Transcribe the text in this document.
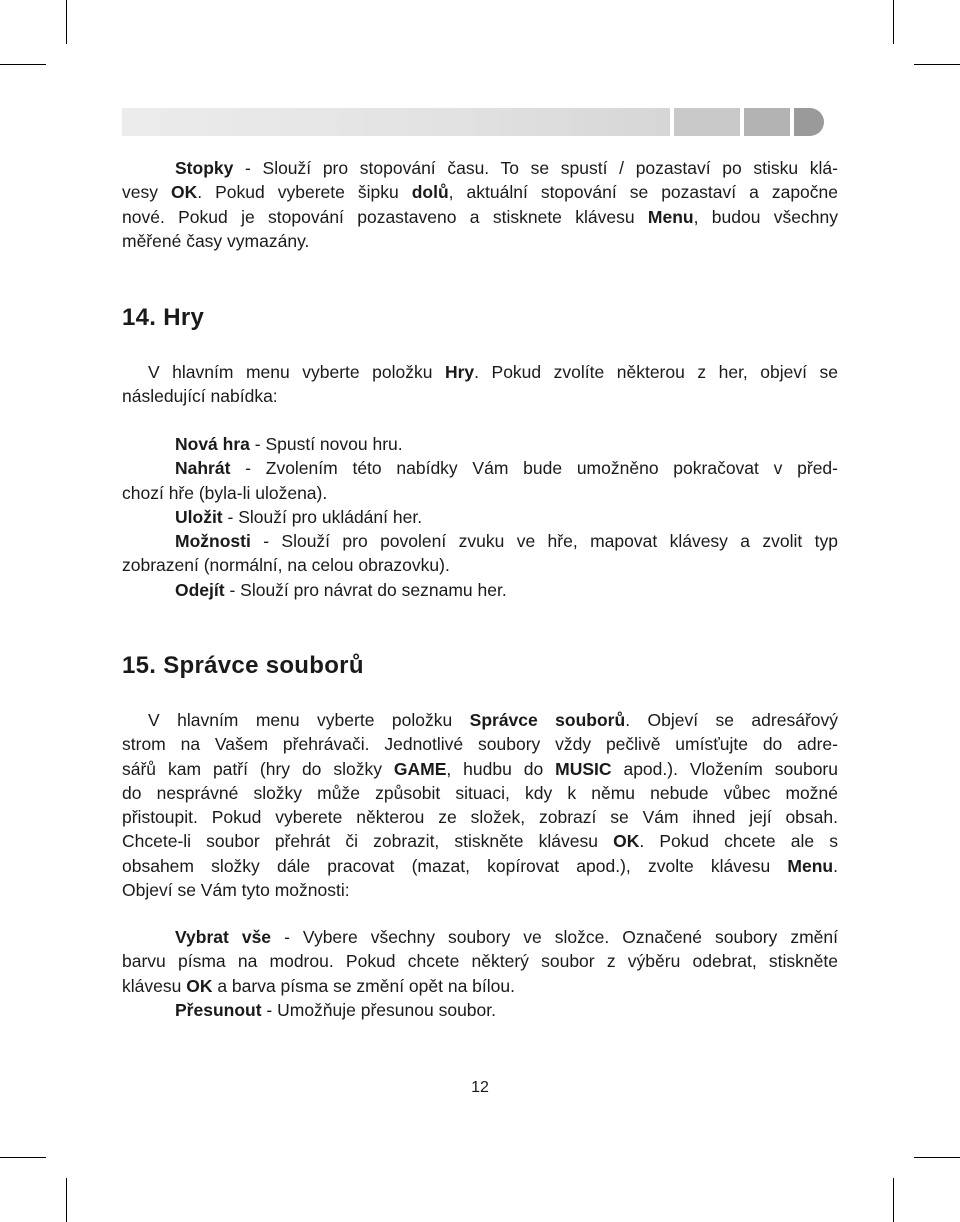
Stopky - Slouží pro stopování času. To se spustí / pozastaví po stisku klá-

vesy OK. Pokud vyberete šipku dolů, aktuální stopování se pozastaví a započne

nové. Pokud je stopování pozastaveno a stisknete klávesu Menu, budou všechny

měřené časy vymazány.

14. Hry

V hlavním menu vyberte položku Hry. Pokud zvolíte některou z her, objeví se

následující nabídka:

Nová hra - Spustí novou hru.

Nahrát - Zvolením této nabídky Vám bude umožněno pokračovat v před-

chozí hře (byla-li uložena).

Uložit - Slouží pro ukládání her.

Možnosti - Slouží pro povolení zvuku ve hře, mapovat klávesy a zvolit typ

zobrazení (normální, na celou obrazovku).

Odejít - Slouží pro návrat do seznamu her.

15. Správce souborů

V hlavním menu vyberte položku Správce souborů. Objeví se adresářový

strom na Vašem přehrávači. Jednotlivé soubory vždy pečlivě umísťujte do adre-

sářů kam patří (hry do složky GAME, hudbu do MUSIC apod.). Vložením souboru

do nesprávné složky může způsobit situaci, kdy k němu nebude vůbec možné

přistoupit. Pokud vyberete některou ze složek, zobrazí se Vám ihned její obsah.

Chcete-li soubor přehrát či zobrazit, stiskněte klávesu OK. Pokud chcete ale s

obsahem složky dále pracovat (mazat, kopírovat apod.), zvolte klávesu Menu.

Objeví se Vám tyto možnosti:

Vybrat vše - Vybere všechny soubory ve složce. Označené soubory změní

barvu písma na modrou. Pokud chcete některý soubor z výběru odebrat, stiskněte

klávesu OK a barva písma se změní opět na bílou.

Přesunout - Umožňuje přesunou soubor.

12
